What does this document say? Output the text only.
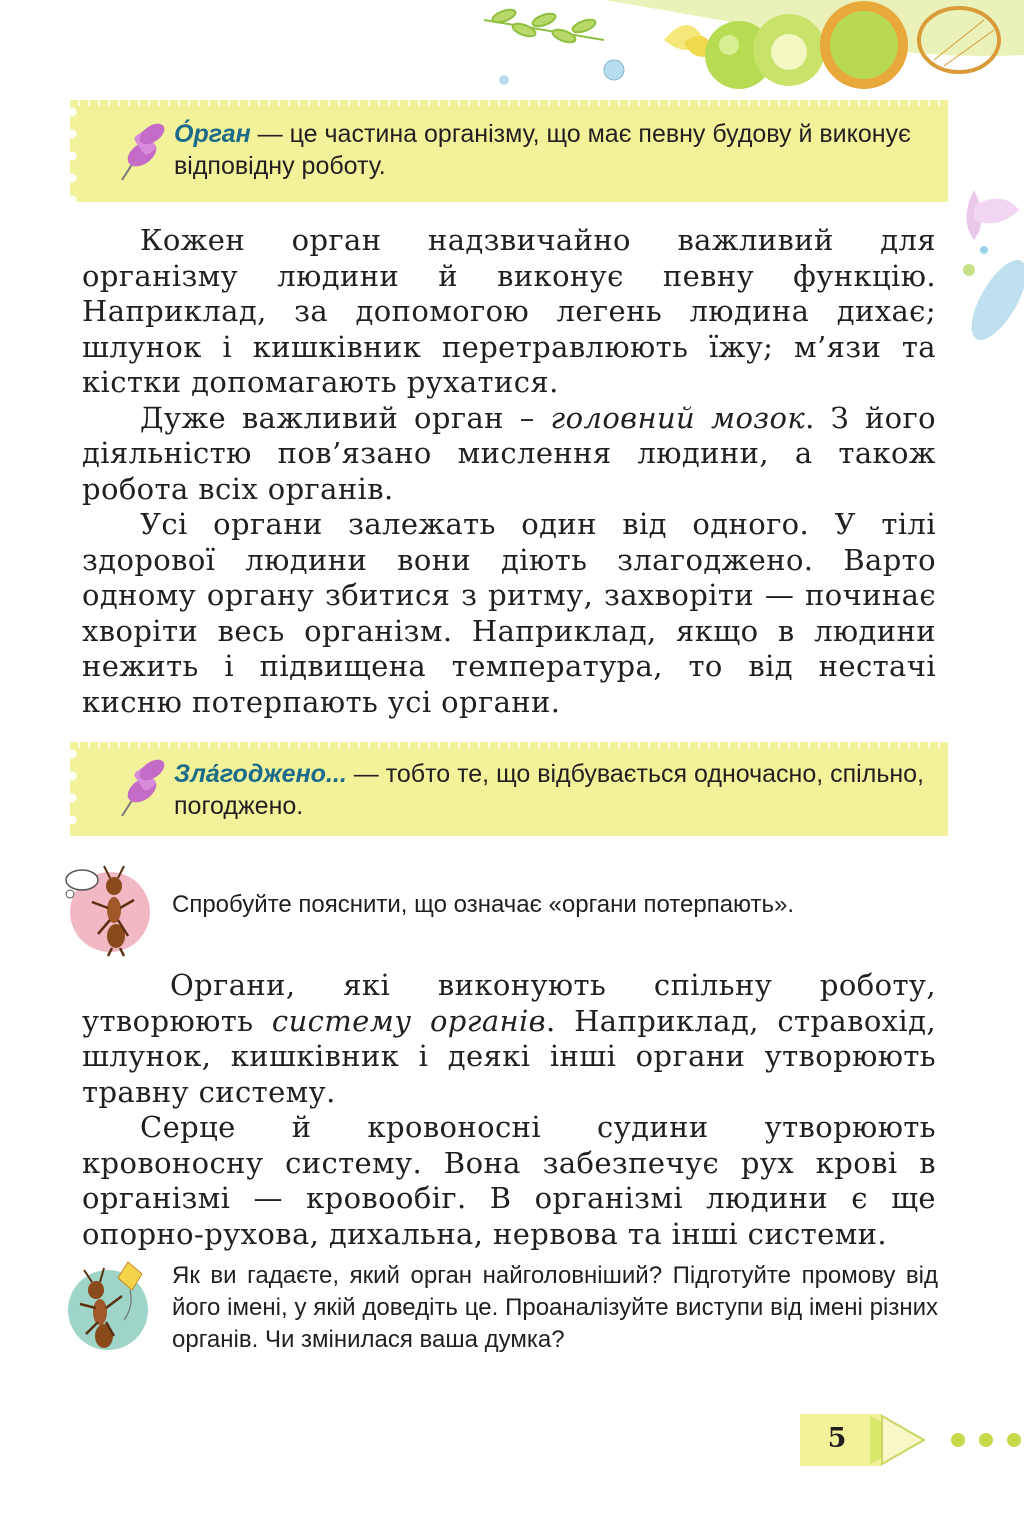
О́рган — це частина організму, що має певну будову й виконує відповідну роботу.
Кожен орган надзвичайно важливий для організму людини й виконує певну функцію. Наприклад, за допомогою легень людина дихає; шлунок і кишківник перетравлюють їжу; м’язи та кістки допомагають рухатися.
Дуже важливий орган – головний мозок. З його діяльністю пов’язано мислення людини, а також робота всіх органів.
Усі органи залежать один від одного. У тілі здорової людини вони діють злагоджено. Варто одному органу збитися з ритму, захворіти — починає хворіти весь організм. Наприклад, якщо в людини нежить і підвищена температура, то від нестачі кисню потерпають усі органи.
Зла́годжено... — тобто те, що відбувається одночасно, спільно, погоджено.
Спробуйте пояснити, що означає «органи потерпають».
Органи, які виконують спільну роботу, утворюють систему органів. Наприклад, стравохід, шлунок, кишківник і деякі інші органи утворюють травну систему.
Серце й кровоносні судини утворюють кровоносну систему. Вона забезпечує рух крові в організмі — кровообіг. В організмі людини є ще опорно-рухова, дихальна, нервова та інші системи.
Як ви гадаєте, який орган найголовніший? Підготуйте промову від його імені, у якій доведіть це. Проаналізуйте виступи від імені різних органів. Чи змінилася ваша думка?
5
